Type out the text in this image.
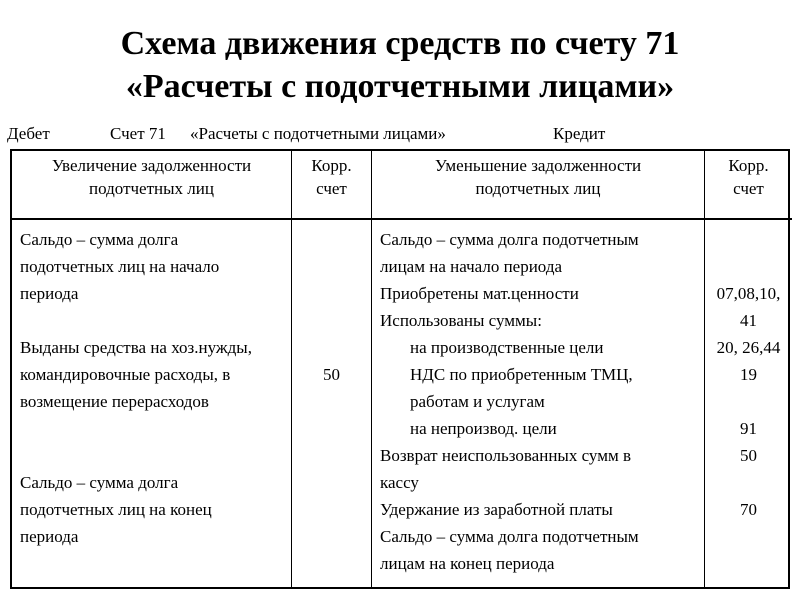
Схема движения средств по счету 71
«Расчеты с подотчетными лицами»
Дебет	Счет 71 «Расчеты с подотчетными лицами»	Кредит
Увеличение задолженности
подотчетных лиц
Корр.
счет
Уменьшение задолженности
подотчетных лиц
Корр.
счет
Сальдо – сумма долга
подотчетных лиц на начало
периода
Выданы средства на хоз.нужды,
командировочные расходы, в
возмещение перерасходов
Сальдо – сумма долга
подотчетных лиц на конец
периода
50
Сальдо – сумма долга подотчетным
лицам на начало периода
Приобретены мат.ценности
Использованы суммы:
на производственные цели
НДС по приобретенным ТМЦ,
работам и услугам
на непроизвод. цели
Возврат неиспользованных сумм в
кассу
Удержание из заработной платы
Сальдо – сумма долга подотчетным
лицам на конец периода
07,08,10,
41
20, 26,44
19
91
50
70
